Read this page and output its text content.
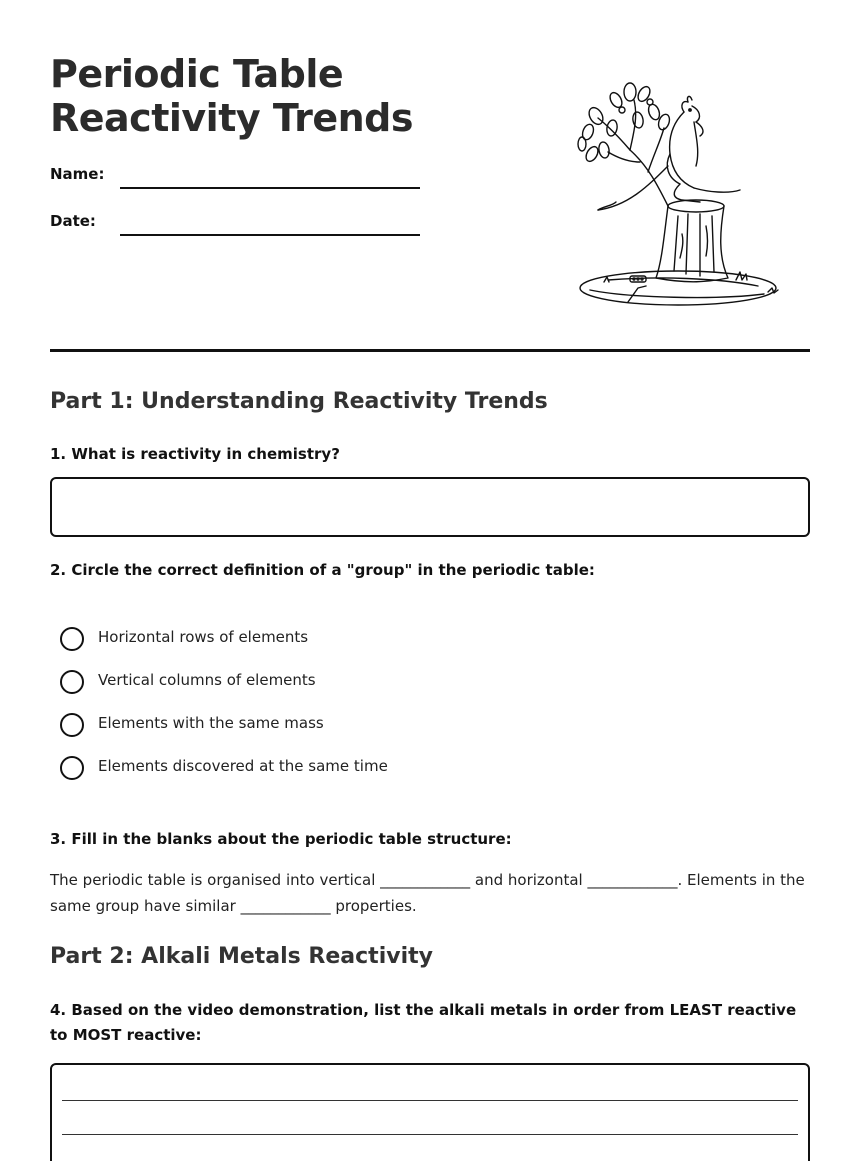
Periodic Table Reactivity Trends
Name:
Date:
Part 1: Understanding Reactivity Trends

1. What is reactivity in chemistry?

2. Circle the correct definition of a "group" in the periodic table:

Horizontal rows of elements
Vertical columns of elements
Elements with the same mass
Elements discovered at the same time

3. Fill in the blanks about the periodic table structure:

The periodic table is organised into vertical ____________ and horizontal ____________. Elements in the same group have similar ____________ properties.

Part 2: Alkali Metals Reactivity

4. Based on the video demonstration, list the alkali metals in order from LEAST reactive to MOST reactive:
